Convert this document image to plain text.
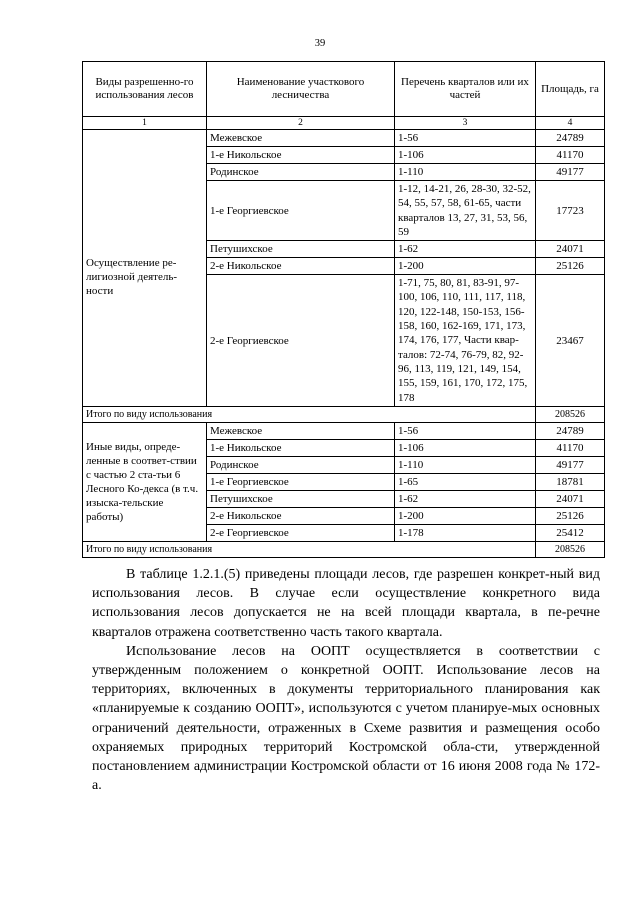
39
Виды разрешенно-го использования лесов	Наименование участкового лесничества	Перечень кварталов или их частей	Площадь, га
1	2	3	4
Осуществление ре-лигиозной деятель-ности	Межевское	1-56	24789
	1-е Никольское	1-106	41170
	Родинское	1-110	49177
	1-е Георгиевское	1-12, 14-21, 26, 28-30, 32-52, 54, 55, 57, 58, 61-65, части кварталов 13, 27, 31, 53, 56, 59	17723
	Петушихское	1-62	24071
	2-е Никольское	1-200	25126
	2-е Георгиевское	1-71, 75, 80, 81, 83-91, 97-100, 106, 110, 111, 117, 118, 120, 122-148, 150-153, 156-158, 160, 162-169, 171, 173, 174, 176, 177, Части квар-талов: 72-74, 76-79, 82, 92-96, 113, 119, 121, 149, 154, 155, 159, 161, 170, 172, 175, 178	23467
Итого по виду использования			208526
Иные виды, опреде-ленные в соответ-ствии с частью 2 ста-тьи 6 Лесного Ко-декса (в т.ч. изыска-тельские работы)	Межевское	1-56	24789
	1-е Никольское	1-106	41170
	Родинское	1-110	49177
	1-е Георгиевское	1-65	18781
	Петушихское	1-62	24071
	2-е Никольское	1-200	25126
	2-е Георгиевское	1-178	25412
Итого по виду использования			208526

В таблице 1.2.1.(5) приведены площади лесов, где разрешен конкрет-ный вид использования лесов. В случае если осуществление конкретного вида использования лесов допускается не на всей площади квартала, в пе-речне кварталов отражена соответственно часть такого квартала.

Использование лесов на ООПТ осуществляется в соответствии с утвержденным положением о конкретной ООПТ. Использование лесов на территориях, включенных в документы территориального планирования как «планируемые к созданию ООПТ», используются с учетом планируе-мых основных ограничений деятельности, отраженных в Схеме развития и размещения особо охраняемых природных территорий Костромской обла-сти, утвержденной постановлением администрации Костромской области от 16 июня 2008 года № 172-а.
